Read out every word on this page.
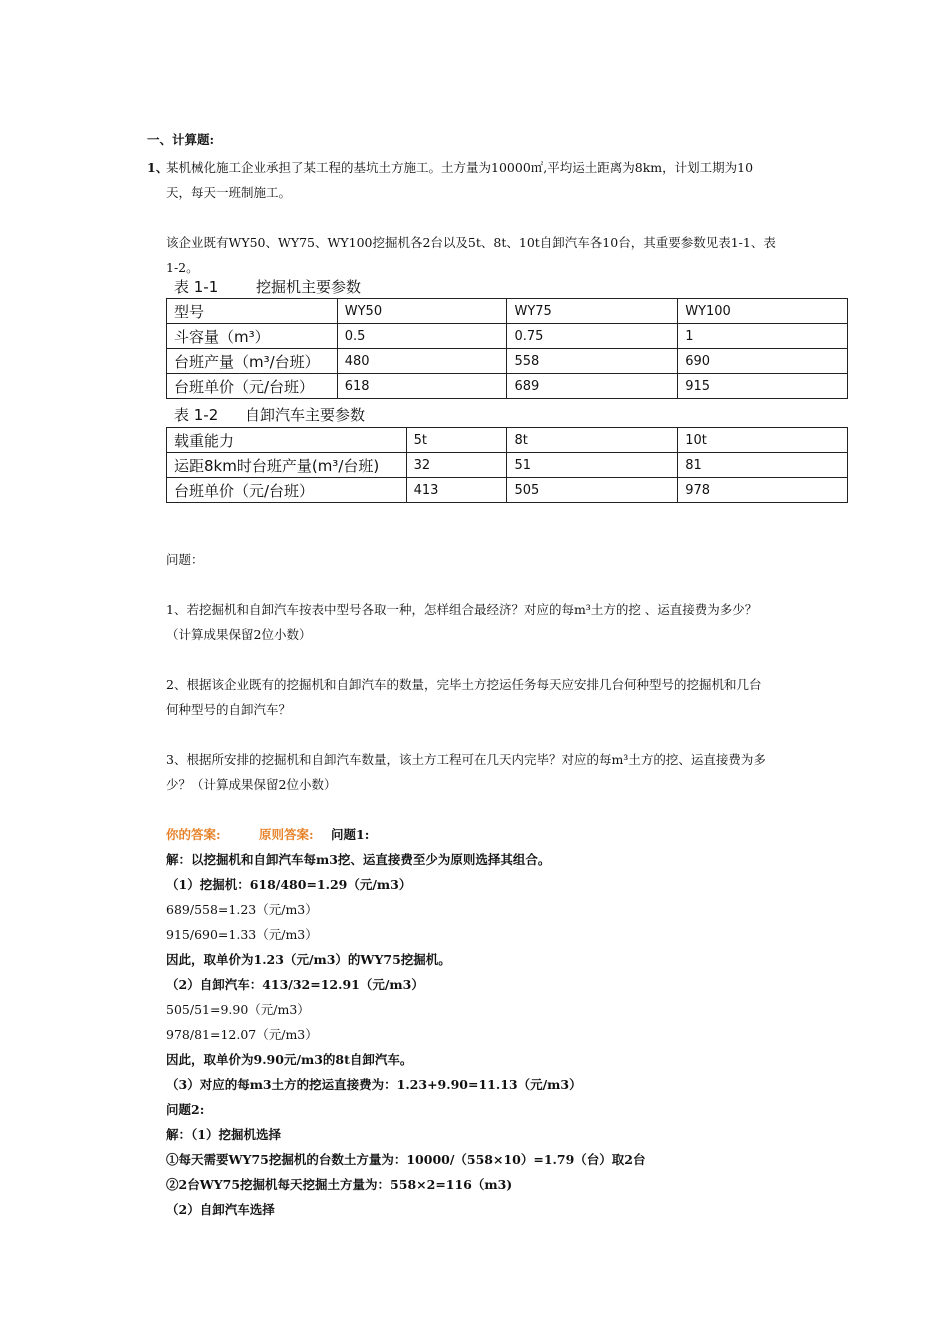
一、计算题:
1、
某机械化施工企业承担了某工程的基坑土方施工。土方量为10000㎡,平均运土距离为8km，计划工期为10
天，每天一班制施工。
该企业既有WY50、WY75、WY100挖掘机各2台以及5t、8t、10t自卸汽车各10台，其重要参数见表1-1、表
1-2。
表 1-1	挖掘机主要参数
型号	WY50	WY75	WY100
斗容量（m³）	0.5	0.75	1
台班产量（m³/台班）	480	558	690
台班单价（元/台班）	618	689	915
表 1-2 自卸汽车主要参数
载重能力	5t	8t	10t
运距8km时台班产量(m³/台班)	32	51	81
台班单价（元/台班）	413	505	978
问题：
1、若挖掘机和自卸汽车按表中型号各取一种，怎样组合最经济？对应的每m³土方的挖 、运直接费为多少？
（计算成果保留2位小数）
2、根据该企业既有的挖掘机和自卸汽车的数量，完毕土方挖运任务每天应安排几台何种型号的挖掘机和几台
何种型号的自卸汽车？
3、根据所安排的挖掘机和自卸汽车数量，该土方工程可在几天内完毕？对应的每m³土方的挖、运直接费为多
少？（计算成果保留2位小数）
你的答案:	原则答案: 问题1:
解：以挖掘机和自卸汽车每m3挖、运直接费至少为原则选择其组合。
（1）挖掘机：618/480=1.29（元/m3）
689/558=1.23（元/m3）
915/690=1.33（元/m3）
因此，取单价为1.23（元/m3）的WY75挖掘机。
（2）自卸汽车：413/32=12.91（元/m3）
505/51=9.90（元/m3）
978/81=12.07（元/m3）
因此，取单价为9.90元/m3的8t自卸汽车。
（3）对应的每m3土方的挖运直接费为：1.23+9.90=11.13（元/m3）
问题2:
解：（1）挖掘机选择
①每天需要WY75挖掘机的台数土方量为：10000/（558×10）=1.79（台）取2台
②2台WY75挖掘机每天挖掘土方量为：558×2=116（m3)
（2）自卸汽车选择
